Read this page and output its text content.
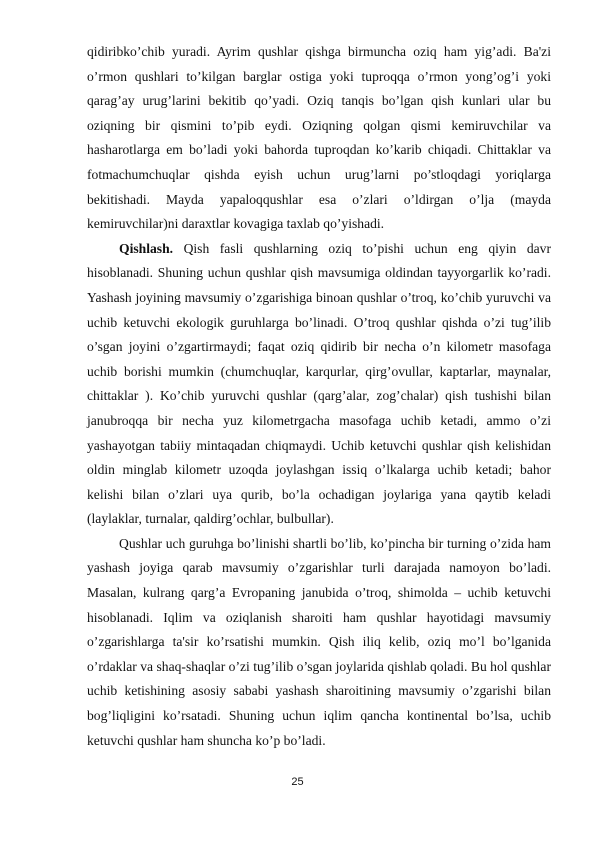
qidiribko’chib yuradi. Ayrim qushlar qishga birmuncha oziq ham yig’adi. Ba'zi o’rmon qushlari to’kilgan barglar ostiga yoki tuproqqa o’rmon yong’og’i yoki qarag’ay urug’larini bekitib qo’yadi. Oziq tanqis bo’lgan qish kunlari ular bu oziqning bir qismini to’pib eydi. Oziqning qolgan qismi kemiruvchilar va hasharotlarga em bo’ladi yoki bahorda tuproqdan ko’karib chiqadi. Chittaklar va fotmachumchuqlar qishda eyish uchun urug’larni po’stloqdagi yoriqlarga bekitishadi. Mayda yapaloqqushlar esa o’zlari o’ldirgan o’lja (mayda kemiruvchilar)ni daraxtlar kovagiga taxlab qo’yishadi.

Qishlash. Qish fasli qushlarning oziq to’pishi uchun eng qiyin davr hisoblanadi. Shuning uchun qushlar qish mavsumiga oldindan tayyorgarlik ko’radi. Yashash joyining mavsumiy o’zgarishiga binoan qushlar o’troq, ko’chib yuruvchi va uchib ketuvchi ekologik guruhlarga bo’linadi. O’troq qushlar qishda o’zi tug’ilib o’sgan joyini o’zgartirmaydi; faqat oziq qidirib bir necha o’n kilometr masofaga uchib borishi mumkin (chumchuqlar, karqurlar, qirg’ovullar, kaptarlar, maynalar, chittaklar ). Ko’chib yuruvchi qushlar (qarg’alar, zog’chalar) qish tushishi bilan janubroqqa bir necha yuz kilometrgacha masofaga uchib ketadi, ammo o’zi yashayotgan tabiiy mintaqadan chiqmaydi. Uchib ketuvchi qushlar qish kelishidan oldin minglab kilometr uzoqda joylashgan issiq o’lkalarga uchib ketadi; bahor kelishi bilan o’zlari uya qurib, bo’la ochadigan joylariga yana qaytib keladi (laylaklar, turnalar, qaldirg’ochlar, bulbullar).

Qushlar uch guruhga bo’linishi shartli bo’lib, ko’pincha bir turning o’zida ham yashash joyiga qarab mavsumiy o’zgarishlar turli darajada namoyon bo’ladi. Masalan, kulrang qarg’a Evropaning janubida o’troq, shimolda – uchib ketuvchi hisoblanadi. Iqlim va oziqlanish sharoiti ham qushlar hayotidagi mavsumiy o’zgarishlarga ta'sir ko’rsatishi mumkin. Qish iliq kelib, oziq mo’l bo’lganida o’rdaklar va shaq-shaqlar o’zi tug’ilib o’sgan joylarida qishlab qoladi. Bu hol qushlar uchib ketishining asosiy sababi yashash sharoitining mavsumiy o’zgarishi bilan bog’liqligini ko’rsatadi. Shuning uchun iqlim qancha kontinental bo’lsa, uchib ketuvchi qushlar ham shuncha ko’p bo’ladi.

25
